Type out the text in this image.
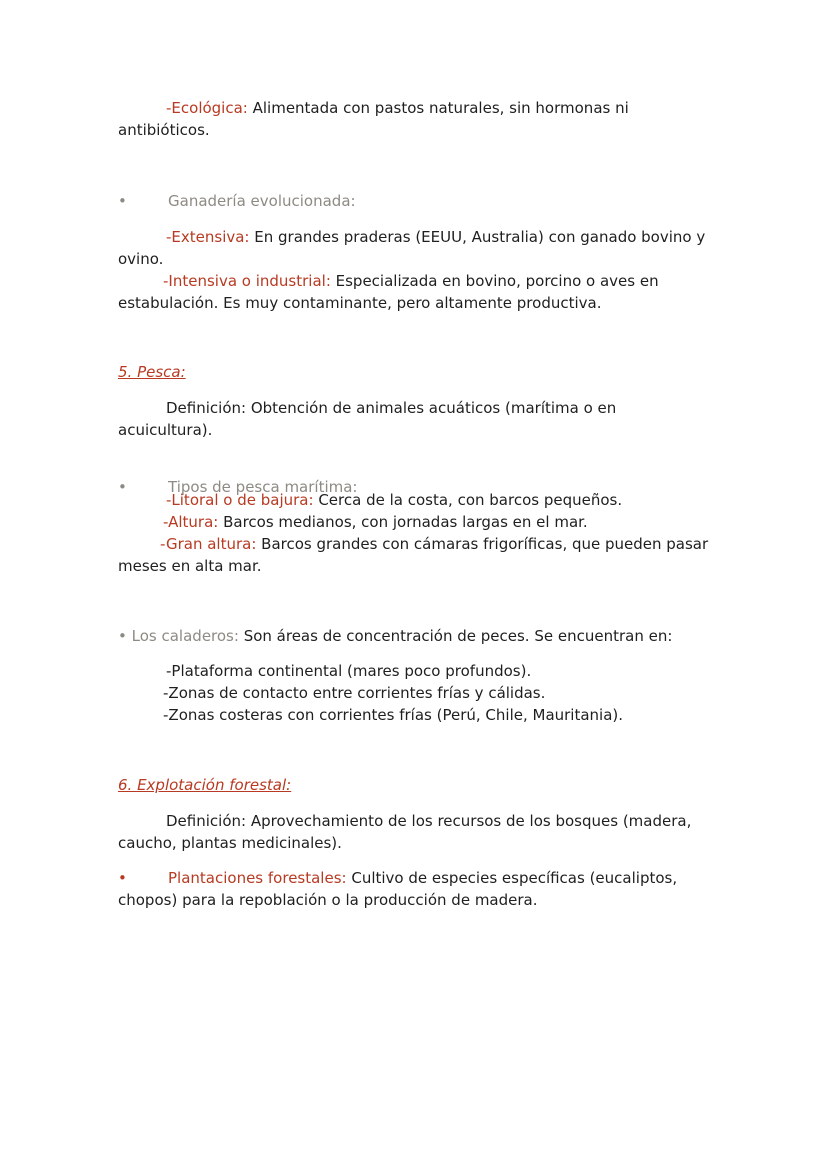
-Ecológica: Alimentada con pastos naturales, sin hormonas ni
antibióticos.
•	Ganadería evolucionada:
-Extensiva: En grandes praderas (EEUU, Australia) con ganado bovino y
ovino.
-Intensiva o industrial: Especializada en bovino, porcino o aves en
estabulación. Es muy contaminante, pero altamente productiva.
5. Pesca:
Definición: Obtención de animales acuáticos (marítima o en
acuicultura).
•	Tipos de pesca marítima:
-Litoral o de bajura: Cerca de la costa, con barcos pequeños.
-Altura: Barcos medianos, con jornadas largas en el mar.
-Gran altura: Barcos grandes con cámaras frigoríficas, que pueden pasar
meses en alta mar.
• Los caladeros: Son áreas de concentración de peces. Se encuentran en:
-Plataforma continental (mares poco profundos).
-Zonas de contacto entre corrientes frías y cálidas.
-Zonas costeras con corrientes frías (Perú, Chile, Mauritania).
6. Explotación forestal:
Definición: Aprovechamiento de los recursos de los bosques (madera,
caucho, plantas medicinales).
•	Plantaciones forestales: Cultivo de especies específicas (eucaliptos,
chopos) para la repoblación o la producción de madera.
